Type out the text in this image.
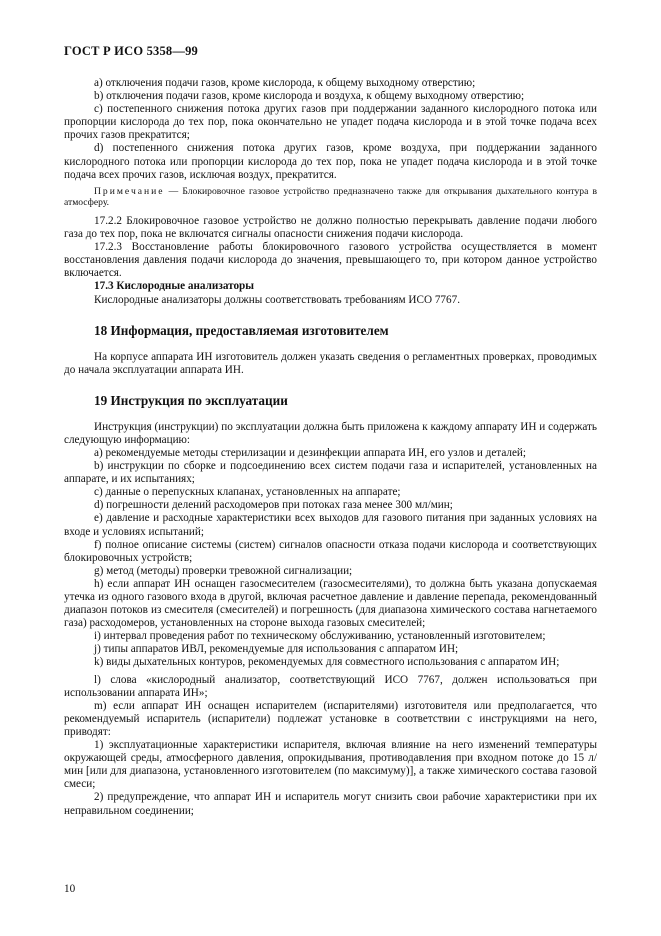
ГОСТ Р ИСО 5358—99

a) отключения подачи газов, кроме кислорода, к общему выходному отверстию;

b) отключения подачи газов, кроме кислорода и воздуха, к общему выходному отверстию;

c) постепенного снижения потока других газов при поддержании заданного кислородного потока или пропорции кислорода до тех пор, пока окончательно не упадет подача кислорода и в этой точке подача всех прочих газов прекратится;

d) постепенного снижения потока других газов, кроме воздуха, при поддержании заданного кислородного потока или пропорции кислорода до тех пор, пока не упадет подача кислорода и в этой точке подача всех прочих газов, исключая воздух, прекратится.

Примечание — Блокировочное газовое устройство предназначено также для открывания дыхательного контура в атмосферу.

17.2.2 Блокировочное газовое устройство не должно полностью перекрывать давление подачи любого газа до тех пор, пока не включатся сигналы опасности снижения подачи кислорода.

17.2.3 Восстановление работы блокировочного газового устройства осуществляется в момент восстановления давления подачи кислорода до значения, превышающего то, при котором данное устройство включается.

17.3 Кислородные анализаторы

Кислородные анализаторы должны соответствовать требованиям ИСО 7767.

18 Информация, предоставляемая изготовителем

На корпусе аппарата ИН изготовитель должен указать сведения о регламентных проверках, проводимых до начала эксплуатации аппарата ИН.

19 Инструкция по эксплуатации

Инструкция (инструкции) по эксплуатации должна быть приложена к каждому аппарату ИН и содержать следующую информацию:

a) рекомендуемые методы стерилизации и дезинфекции аппарата ИН, его узлов и деталей;

b) инструкции по сборке и подсоединению всех систем подачи газа и испарителей, установленных на аппарате, и их испытаниях;

c) данные о перепускных клапанах, установленных на аппарате;

d) погрешности делений расходомеров при потоках газа менее 300 мл/мин;

e) давление и расходные характеристики всех выходов для газового питания при заданных условиях на входе и условиях испытаний;

f) полное описание системы (систем) сигналов опасности отказа подачи кислорода и соответствующих блокировочных устройств;

g) метод (методы) проверки тревожной сигнализации;

h) если аппарат ИН оснащен газосмесителем (газосмесителями), то должна быть указана допускаемая утечка из одного газового входа в другой, включая расчетное давление и давление перепада, рекомендованный диапазон потоков из смесителя (смесителей) и погрешность (для диапазона химического состава нагнетаемого газа) расходомеров, установленных на стороне выхода газовых смесителей;

i) интервал проведения работ по техническому обслуживанию, установленный изготовителем;

j) типы аппаратов ИВЛ, рекомендуемые для использования с аппаратом ИН;

k) виды дыхательных контуров, рекомендуемых для совместного использования с аппаратом ИН;

l) слова «кислородный анализатор, соответствующий ИСО 7767, должен использоваться при использовании аппарата ИН»;

m) если аппарат ИН оснащен испарителем (испарителями) изготовителя или предполагается, что рекомендуемый испаритель (испарители) подлежат установке в соответствии с инструкциями на него, приводят:

1) эксплуатационные характеристики испарителя, включая влияние на него изменений температуры окружающей среды, атмосферного давления, опрокидывания, противодавления при входном потоке до 15 л/мин [или для диапазона, установленного изготовителем (по максимуму)], а также химического состава газовой смеси;

2) предупреждение, что аппарат ИН и испаритель могут снизить свои рабочие характеристики при их неправильном соединении;

10
